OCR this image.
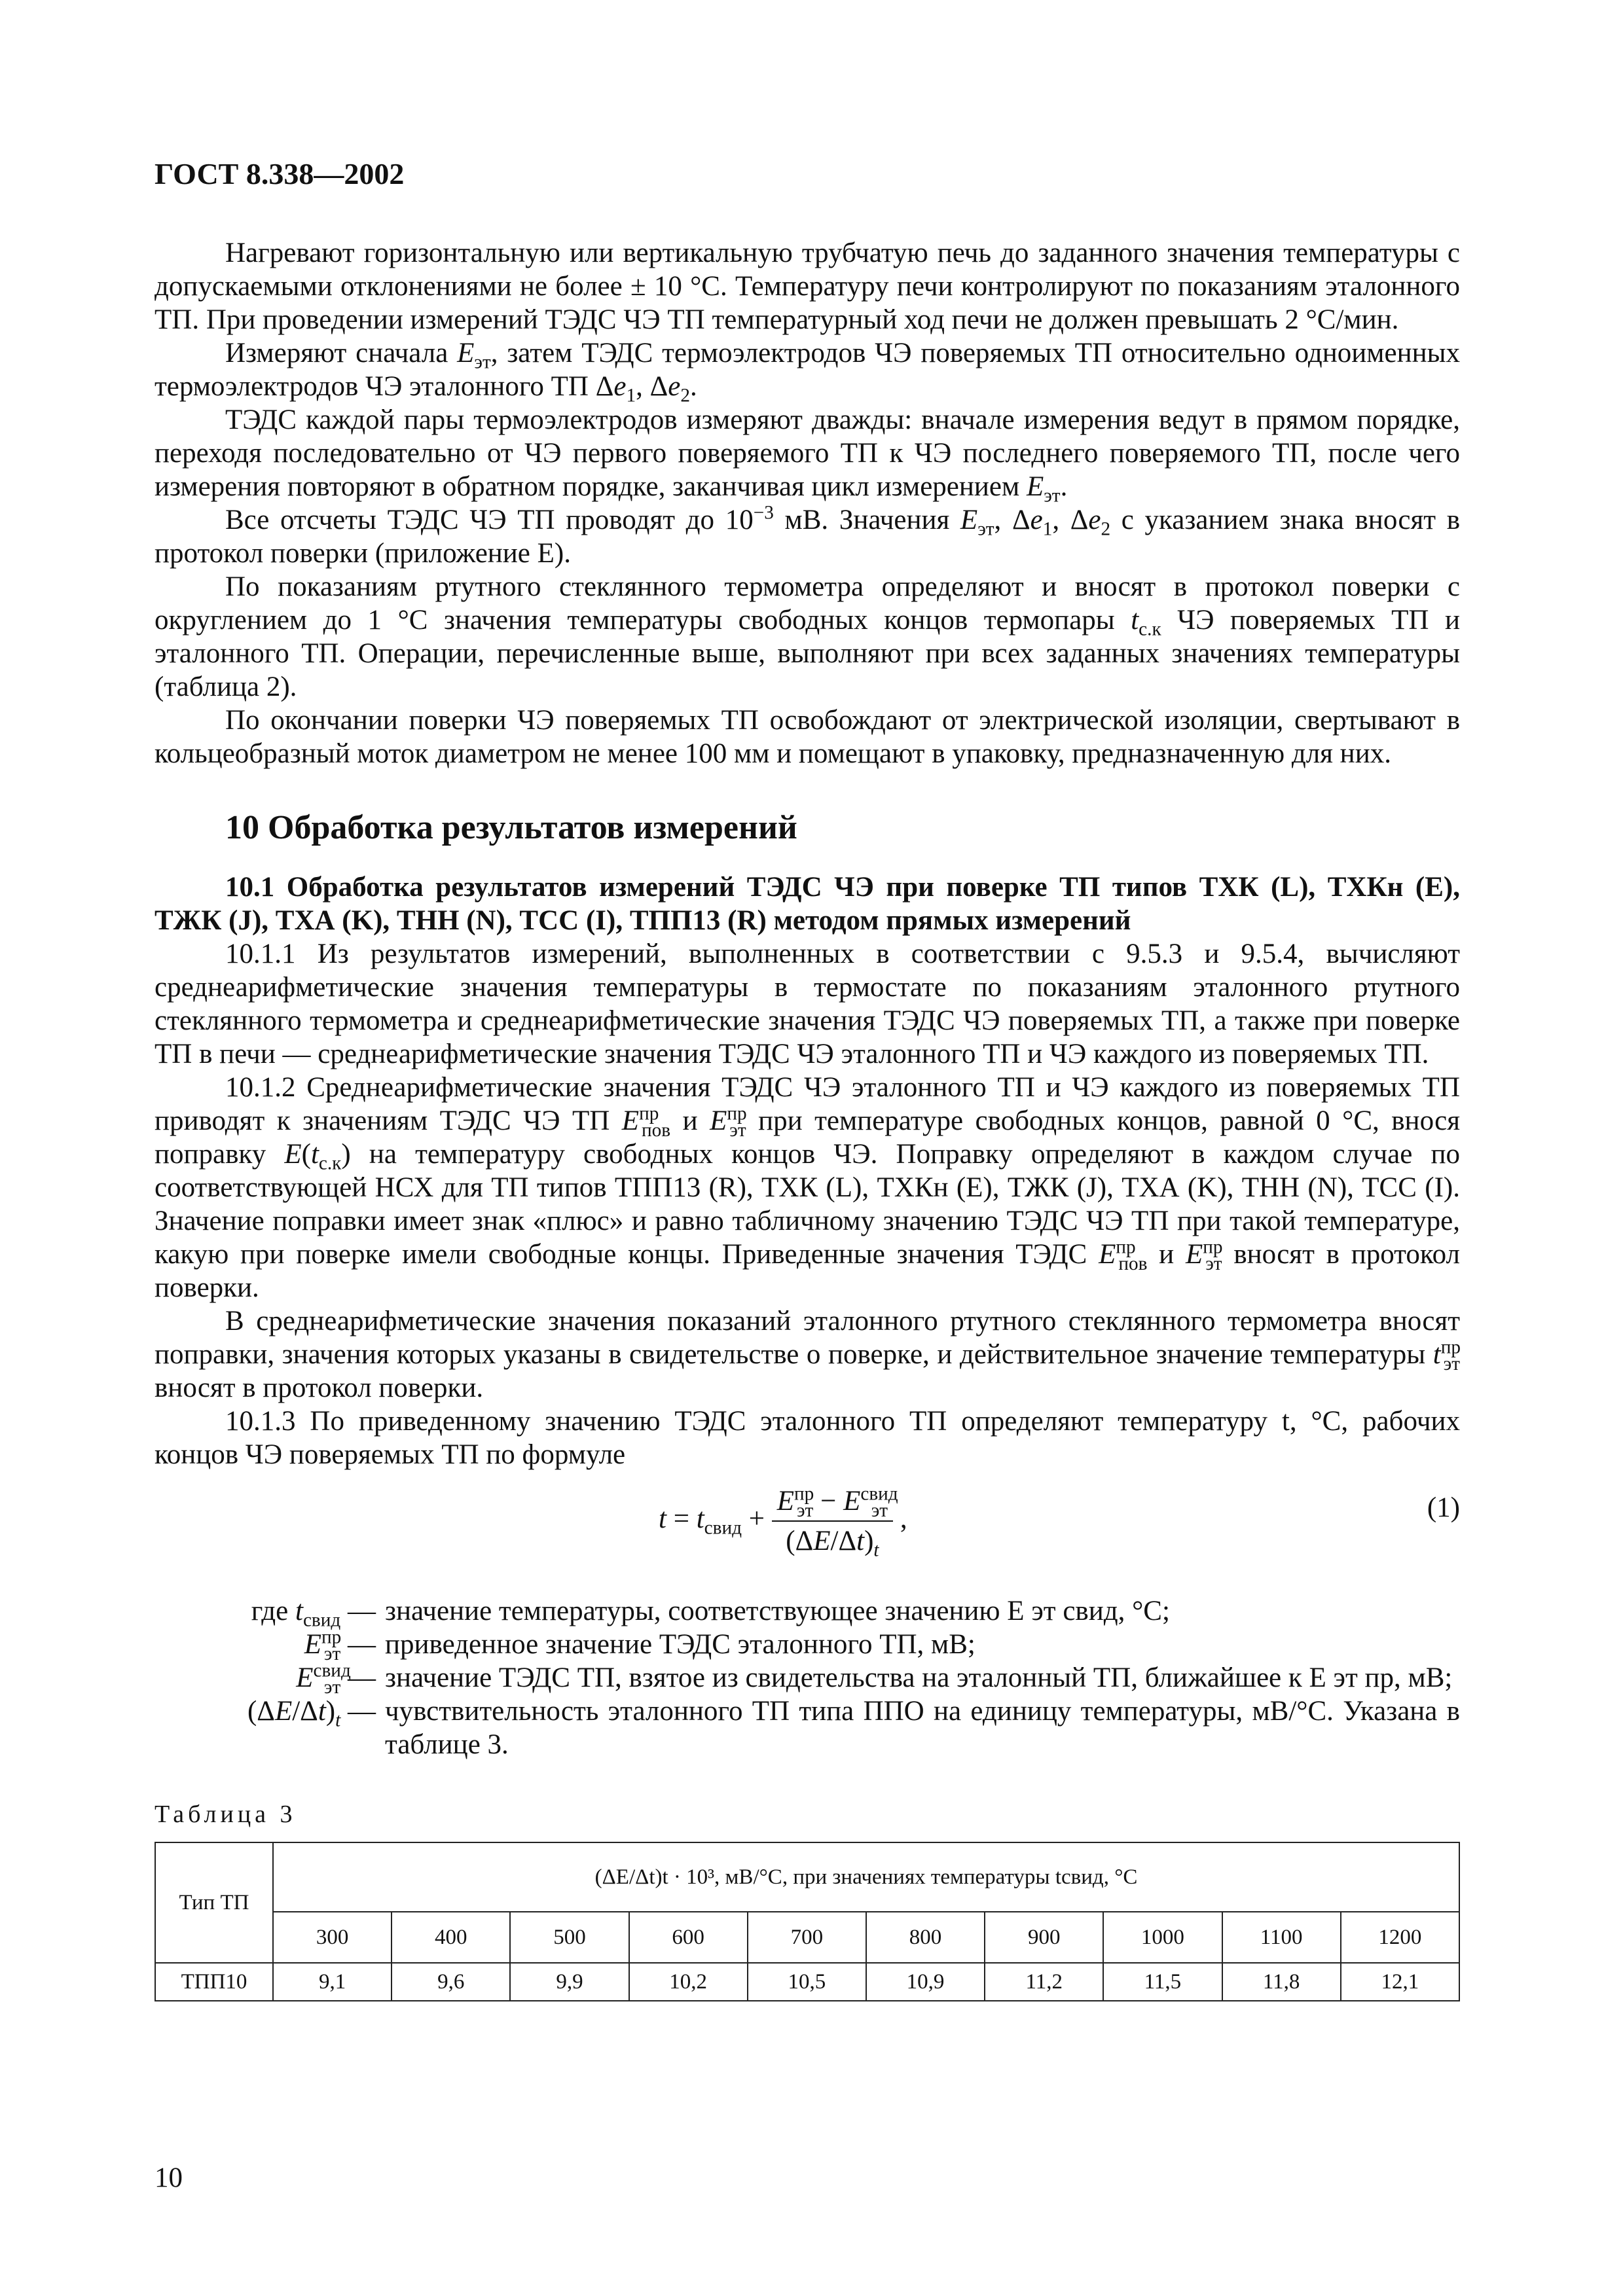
ГОСТ 8.338—2002

Нагревают горизонтальную или вертикальную трубчатую печь до заданного значения температуры с допускаемыми отклонениями не более ± 10 °С. Температуру печи контролируют по показаниям эталонного ТП. При проведении измерений ТЭДС ЧЭ ТП температурный ход печи не должен превышать 2 °С/мин.

Измеряют сначала $E_{эт}$, затем ТЭДС термоэлектродов ЧЭ поверяемых ТП относительно одноименных термоэлектродов ЧЭ эталонного ТП $\Delta e_1$, $\Delta e_2$.

ТЭДС каждой пары термоэлектродов измеряют дважды: вначале измерения ведут в прямом порядке, переходя последовательно от ЧЭ первого поверяемого ТП к ЧЭ последнего поверяемого ТП, после чего измерения повторяют в обратном порядке, заканчивая цикл измерением $E_{эт}$.

Все отсчеты ТЭДС ЧЭ ТП проводят до $10^{-3}$ мВ. Значения $E_{эт}$, $\Delta e_1$, $\Delta e_2$ с указанием знака вносят в протокол поверки (приложение Е).

По показаниям ртутного стеклянного термометра определяют и вносят в протокол поверки с округлением до 1 °С значения температуры свободных концов термопары $t_{с.к}$ ЧЭ поверяемых ТП и эталонного ТП. Операции, перечисленные выше, выполняют при всех заданных значениях температуры (таблица 2).

По окончании поверки ЧЭ поверяемых ТП освобождают от электрической изоляции, свертывают в кольцеобразный моток диаметром не менее 100 мм и помещают в упаковку, предназначенную для них.

10 Обработка результатов измерений

10.1 Обработка результатов измерений ТЭДС ЧЭ при поверке ТП типов ТХК (L), ТХКн (E), ТЖК (J), ТХА (K), ТНН (N), ТСС (I), ТПП13 (R) методом прямых измерений

10.1.1 Из результатов измерений, выполненных в соответствии с 9.5.3 и 9.5.4, вычисляют среднеарифметические значения температуры в термостате по показаниям эталонного ртутного стеклянного термометра и среднеарифметические значения ТЭДС ЧЭ поверяемых ТП, а также при поверке ТП в печи — среднеарифметические значения ТЭДС ЧЭ эталонного ТП и ЧЭ каждого из поверяемых ТП.

10.1.2 Среднеарифметические значения ТЭДС ЧЭ эталонного ТП и ЧЭ каждого из поверяемых ТП приводят к значениям ТЭДС ЧЭ ТП $E^{пр}_{пов}$ и $E^{пр}_{эт}$ при температуре свободных концов, равной 0 °С, внося поправку $E(t_{с.к})$ на температуру свободных концов ЧЭ. Поправку определяют в каждом случае по соответствующей НСХ для ТП типов ТПП13 (R), ТХК (L), ТХКн (E), ТЖК (J), ТХА (K), ТНН (N), ТСС (I). Значение поправки имеет знак «плюс» и равно табличному значению ТЭДС ЧЭ ТП при такой температуре, какую при поверке имели свободные концы. Приведенные значения ТЭДС $E^{пр}_{пов}$ и $E^{пр}_{эт}$ вносят в протокол поверки.

В среднеарифметические значения показаний эталонного ртутного стеклянного термометра вносят поправки, значения которых указаны в свидетельстве о поверке, и действительное значение температуры $t^{пр}_{эт}$ вносят в протокол поверки.

10.1.3 По приведенному значению ТЭДС эталонного ТП определяют температуру t, °С, рабочих концов ЧЭ поверяемых ТП по формуле

$t = t_{свид} + \frac{E^{пр}_{эт} - E^{свид}_{эт}}{(\Delta E/\Delta t)_t}$ ,	(1)
где $t_{свид}$ — значение температуры, соответствующее значению E эт свид, °С;
$E^{пр}_{эт}$ — приведенное значение ТЭДС эталонного ТП, мВ;
$E^{свид}_{эт}$ — значение ТЭДС ТП, взятое из свидетельства на эталонный ТП, ближайшее к E эт пр, мВ;
$(\Delta E/\Delta t)_t$ — чувствительность эталонного ТП типа ППО на единицу температуры, мВ/°С. Указана в таблице 3.
Таблица 3
Тип ТП	(ΔE/Δt)t · 10³, мВ/°С, при значениях температуры tсвид, °С									
	300	400	500	600	700	800	900	1000	1100	1200
ТПП10	9,1	9,6	9,9	10,2	10,5	10,9	11,2	11,5	11,8	12,1
10
